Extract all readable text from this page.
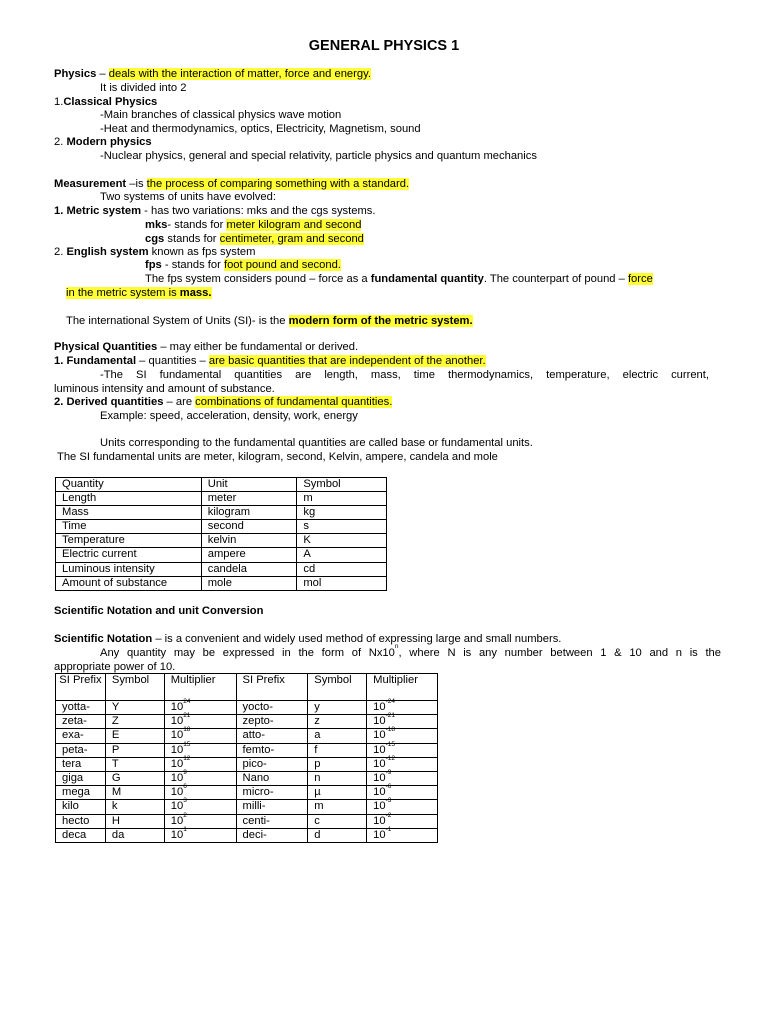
GENERAL PHYSICS 1
Physics – deals with the interaction of matter, force and energy.
It is divided into 2
1.Classical Physics
-Main branches of classical physics wave motion
-Heat and thermodynamics, optics, Electricity, Magnetism, sound
2. Modern physics
-Nuclear physics, general and special relativity, particle physics and quantum mechanics
Measurement –is the process of comparing something with a standard.
Two systems of units have evolved:
1. Metric system - has two variations: mks and the cgs systems.
mks- stands for meter kilogram and second
cgs stands for centimeter, gram and second
2. English system known as fps system
fps - stands for foot pound and second.
The fps system considers pound – force as a fundamental quantity. The counterpart of pound – force
in the metric system is mass.
The international System of Units (SI)- is the modern form of the metric system.
Physical Quantities – may either be fundamental or derived.
1. Fundamental – quantities – are basic quantities that are independent of the another.
-The SI fundamental quantities are length, mass, time thermodynamics, temperature, electric current,
luminous intensity and amount of substance.
2. Derived quantities – are combinations of fundamental quantities.
Example: speed, acceleration, density, work, energy
Units corresponding to the fundamental quantities are called base or fundamental units.
The SI fundamental units are meter, kilogram, second, Kelvin, ampere, candela and mole
Quantity	Unit	Symbol
Length	meter	m
Mass	kilogram	kg
Time	second	s
Temperature	kelvin	K
Electric current	ampere	A
Luminous intensity	candela	cd
Amount of substance	mole	mol
Scientific Notation and unit Conversion
Scientific Notation – is a convenient and widely used method of expressing large and small numbers.
Any quantity may be expressed in the form of Nx10$^n$, where N is any number between 1 & 10 and n is the
appropriate power of 10.
SI Prefix	Symbol	Multiplier	SI Prefix	Symbol	Multiplier
yotta-	Y	$10^{24}$	yocto-	y	$10^{-24}$
zeta-	Z	$10^{21}$	zepto-	z	$10^{-21}$
exa-	E	$10^{18}$	atto-	a	$10^{-18}$
peta-	P	$10^{15}$	femto-	f	$10^{-15}$
tera	T	$10^{12}$	pico-	p	$10^{-12}$
giga	G	$10^9$	Nano	n	$10^{-9}$
mega	M	$10^6$	micro-	µ	$10^{-6}$
kilo	k	$10^3$	milli-	m	$10^{-3}$
hecto	H	$10^2$	centi-	c	$10^{-2}$
deca	da	$10^1$	deci-	d	$10^{-1}$
